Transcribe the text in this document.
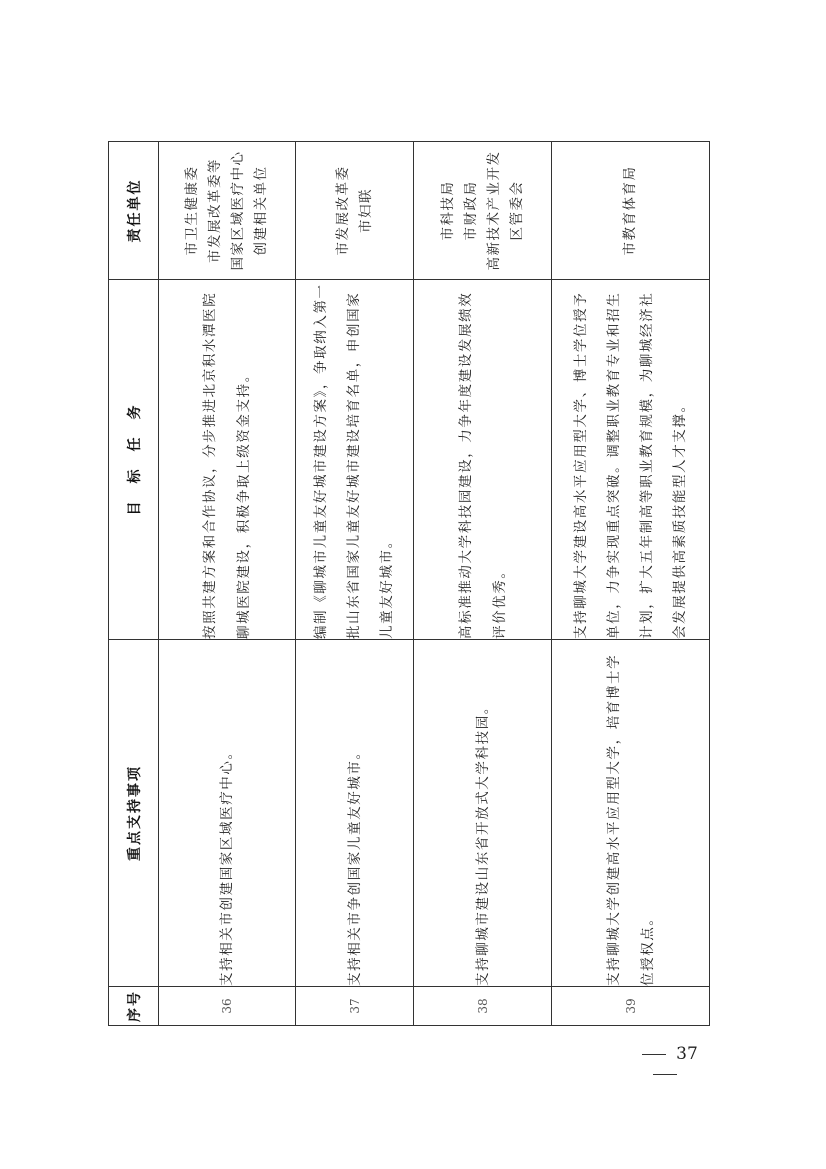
序号	重点支持事项	目　标　任　务	责任单位
36	支持相关市创建国家区域医疗中心。	按照共建方案和合作协议，分步推进北京积水潭医院聊城医院建设，积极争取上级资金支持。	市卫生健康委 市发展改革委等 国家区域医疗中心 创建相关单位

37	支持相关市争创国家儿童友好城市。	编制《聊城市儿童友好城市建设方案》，争取纳入第一批山东省国家儿童友好城市建设培育名单，申创国家儿童友好城市。	市发展改革委 市妇联

38	支持聊城市建设山东省开放式大学科技园。	高标准推动大学科技园建设，力争年度建设发展绩效评价优秀。	市科技局 市财政局 高新技术产业开发 区管委会

39	支持聊城大学创建高水平应用型大学，培育博士学位授权点。	支持聊城大学建设高水平应用型大学、博士学位授予单位，力争实现重点突破。调整职业教育专业和招生计划，扩大五年制高等职业教育规模，为聊城经济社会发展提供高素质技能型人才支撑。	市教育体育局
37
